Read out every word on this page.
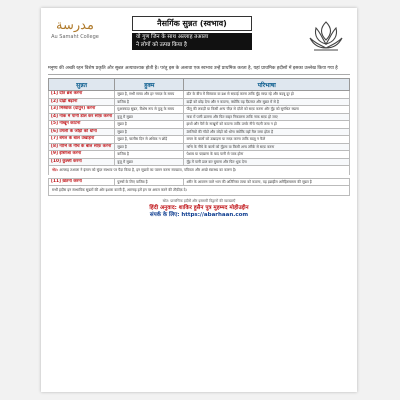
مدرسة
Au Samaht College
नैसर्गिक सुन्नत (स्वभाव)
वो गुण जिन के साथ अल्लाह तआला
ने लोगों को उत्पन्न किया है
मनुष्य की अच्छी रहन विशेष प्रकृति और सुन्नत अत्यावश्यक होती है। परंतु इस के अलावा एक स्वभाव उन्हें प्राथमिक करता है, यहां प्राथमिक हदीसों में इसका उल्लेख किया गया है
सुन्नत	हुक्म	परिभाषा
[1] दाँत ब्रश करना	सुन्नत है, सभी समय और हर नमाज़ के समय	दाँत के बीच में मिस्वाक या ब्रश से सफ़ाई करना ताकि मुँह साफ़ रहे और बदबू दूर हो
[2] दाढ़ी बढ़ाना	वाजिब है	दाढ़ी को छोड़ देना और न काटना, क्योंकि यह फ़ितरत और सुन्नत में से है
[3] मिस्वाक (दातुन) करना	मुअक्कदा सुन्नत, विशेष रूप से वुज़ू के समय	पीलू की लकड़ी या किसी अन्य चीज़ से दाँतों को साफ़ करना और मुँह को सुगंधित रखना
[4] नाक में पानी डाल कर साफ़ करना	वुज़ू में सुन्नत	नाक में पानी डालना और फिर बाहर निकालना ताकि नाक साफ़ हो जाए
[5] नाखून काटना	सुन्नत है	हाथों और पैरों के नाखूनों को काटना ताकि उनके नीचे गंदगी जमा न हो
[6] उंगली के जोड़ों को धोना	सुन्नत है	उंगलियों की गाँठों और जोड़ों को धोना क्योंकि वहाँ मैल जमा होता है
[7] बगल के बाल उखाड़ना	सुन्नत है, चालीस दिन से अधिक न छोड़ें	बगल के बालों को उखाड़ना या साफ़ करना ताकि बदबू न फैले
[8] नाभि के नीचे के बाल साफ़ करना	सुन्नत है	नाभि के नीचे के बालों को मूँड़ना या किसी अन्य तरीके से साफ़ करना
[9] इस्तिंजा करना	वाजिब है	पेशाब या पाख़ाना के बाद पानी से पाक होना
[10] कुल्ली करना	वुज़ू में सुन्नत	मुँह में पानी डाल कर घुमाना और फिर थूक देना
नोट: अल्लाह तआला ने इंसान को सुंदर स्वभाव पर पैदा किया है, इन सुन्नतों का पालन करना स्वच्छता, पवित्रता और अच्छे स्वास्थ्य का कारण है।
[11] ख़तना करना	पुरुषों के लिए वाजिब है	शरीर के आवरण वाले भाग की अतिरिक्त त्वचा को काटना, यह इब्राहीम अलैहिस्सलाम की सुन्नत है
सभी हदीस इन स्वभाविक सुन्नतों की ओर इशारा करती हैं, अल्लाह हमें इन पर अमल करने की तौफ़ीक़ दे।
स्रोत: प्रामाणिक हदीसें और इस्लामी विद्वानों की व्याख्याएँ
हिंदी अनुवाद: शाकिर हुसैन पुत्र मुहम्मद मोहीउद्दीन
संपर्क के लिए: https://abarhaan.com
